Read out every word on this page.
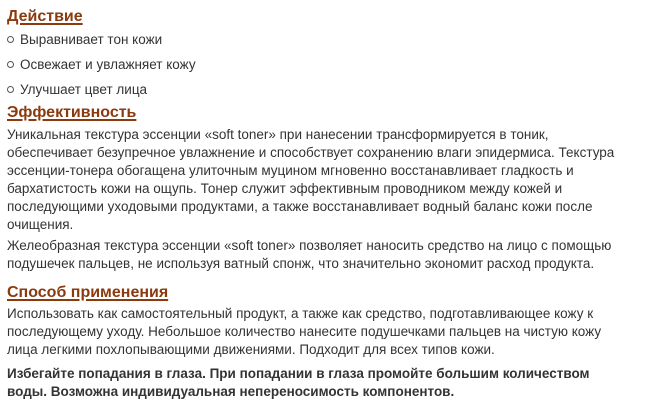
Действие
Выравнивает тон кожи
Освежает и увлажняет кожу
Улучшает цвет лица
Эффективность

Уникальная текстура эссенции «soft toner» при нанесении трансформируется в тоник,
обеспечивает безупречное увлажнение и способствует сохранению влаги эпидермиса. Текстура
эссенции-тонера обогащена улиточным муцином мгновенно восстанавливает гладкость и
бархатистость кожи на ощупь. Тонер служит эффективным проводником между кожей и
последующими уходовыми продуктами, а также восстанавливает водный баланс кожи после
очищения.

Желеобразная текстура эссенции «soft toner» позволяет наносить средство на лицо с помощью
подушечек пальцев, не используя ватный спонж, что значительно экономит расход продукта.

Способ применения

Использовать как самостоятельный продукт, а также как средство, подготавливающее кожу к
последующему уходу. Небольшое количество нанесите подушечками пальцев на чистую кожу
лица легкими похлопывающими движениями. Подходит для всех типов кожи.

Избегайте попадания в глаза. При попадании в глаза промойте большим количеством
воды. Возможна индивидуальная непереносимость компонентов.
